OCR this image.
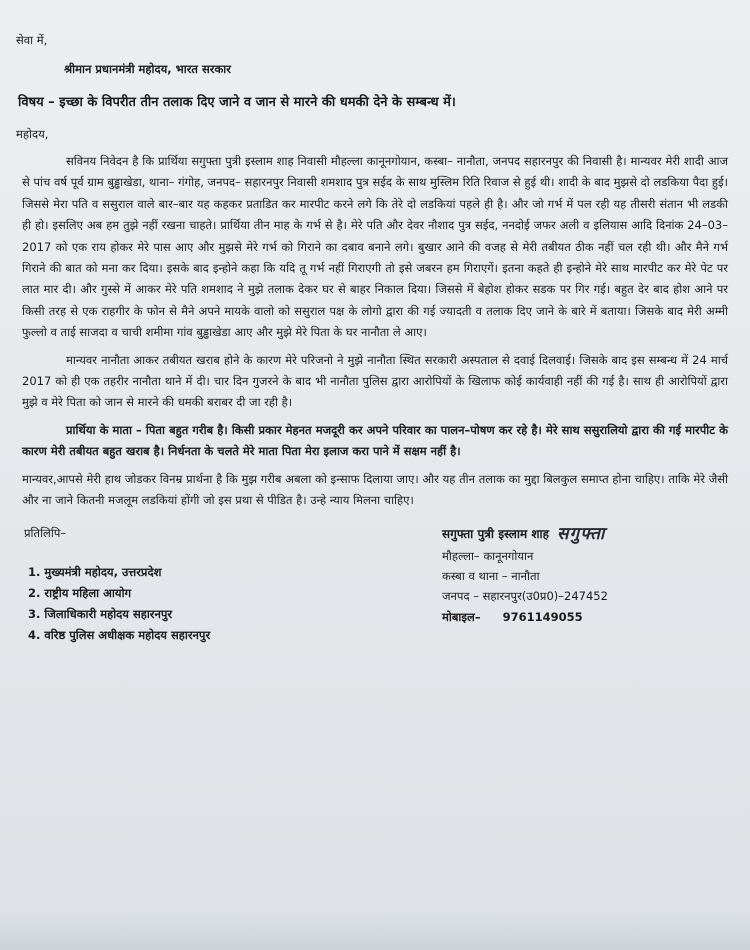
सेवा में,
श्रीमान प्रधानमंत्री महोदय, भारत सरकार
विषय – इच्छा के विपरीत तीन तलाक दिए जाने व जान से मारने की धमकी देने के सम्बन्ध में।
महोदय,

सविनय निवेदन है कि प्रार्थिया सगुफ्ता पुत्री इस्लाम शाह निवासी मौहल्ला कानूनगोयान, कस्बा– नानौता, जनपद सहारनपुर की निवासी है। मान्यवर मेरी शादी आज से पांच वर्ष पूर्व ग्राम बुड्ढाखेडा, थाना– गंगोह, जनपद– सहारनपुर निवासी शमशाद पुत्र सईद के साथ मुस्लिम रिति रिवाज से हुई थी। शादी के बाद मुझसे दो लडकिया पैदा हुई। जिससे मेरा पति व ससुराल वाले बार–बार यह कहकर प्रताडित कर मारपीट करने लगे कि तेरे दो लडकियां पहले ही है। और जो गर्भ में पल रही यह तीसरी संतान भी लडकी ही हो। इसलिए अब हम तुझे नहीं रखना चाहते। प्रार्थिया तीन माह के गर्भ से है। मेरे पति और देवर नौशाद पुत्र सईद, ननदोई जफर अली व इलियास आदि दिनांक 24–03–2017 को एक राय होकर मेरे पास आए और मुझसे मेरे गर्भ को गिराने का दबाव बनाने लगे। बुखार आने की वजह से मेरी तबीयत ठीक नहीं चल रही थी। और मैने गर्भ गिराने की बात को मना कर दिया। इसके बाद इन्होने कहा कि यदि तू गर्भ नहीं गिराएगी तो इसे जबरन हम गिराएगें। इतना कहते ही इन्होने मेरे साथ मारपीट कर मेरे पेट पर लात मार दी। और गुस्से में आकर मेरे पति शमशाद ने मुझे तलाक देकर घर से बाहर निकाल दिया। जिससे में बेहोश होकर सडक पर गिर गई। बहुत देर बाद होश आने पर किसी तरह से एक राहगीर के फोन से मैने अपने मायके वालो को ससुराल पक्ष के लोगो द्वारा की गई ज्यादती व तलाक दिए जाने के बारे में बताया। जिसके बाद मेरी अम्मी फुल्लो व ताई साजदा व चाची शमीमा गांव बुड्ढाखेडा आए और मुझे मेरे पिता के घर नानौता ले आए।

मान्यवर नानौता आकर तबीयत खराब होने के कारण मेरे परिजनो ने मुझे नानौता स्थित सरकारी अस्पताल से दवाई दिलवाई। जिसके बाद इस सम्बन्ध में 24 मार्च 2017 को ही एक तहरीर नानौता थाने में दी। चार दिन गुजरने के बाद भी नानौता पुलिस द्वारा आरोपियों के खिलाफ कोई कार्यवाही नहीं की गई है। साथ ही आरोपियों द्वारा मुझे व मेरे पिता को जान से मारने की धमकी बराबर दी जा रही है।

प्रार्थिया के माता – पिता बहुत गरीब है। किसी प्रकार मेहनत मजदूरी कर अपने परिवार का पालन–पोषण कर रहे है। मेरे साथ ससुरालियो द्वारा की गई मारपीट के कारण मेरी तबीयत बहुत खराब है। निर्धनता के चलते मेरे माता पिता मेरा इलाज करा पाने में सक्षम नहीं है।

मान्यवर,आपसे मेरी हाथ जोडकर विनम्र प्रार्थना है कि मुझ गरीब अबला को इन्साफ दिलाया जाए। और यह तीन तलाक का मुद्दा बिलकुल समाप्त होना चाहिए। ताकि मेरे जैसी और ना जाने कितनी मजलूम लडकियां होंगी जो इस प्रथा से पीडित है। उन्हे न्याय मिलना चाहिए।

प्रतिलिपि–
1. मुख्यमंत्री महोदय, उत्तरप्रदेश
2. राष्ट्रीय महिला आयोग
3. जिलाधिकारी महोदय सहारनपुर
4. वरिष्ठ पुलिस अधीक्षक महोदय सहारनपुर
सगुफ्ता पुत्री इस्लाम शाह सगुफ्ता
मौहल्ला– कानूनगोयान
कस्बा व थाना – नानौता
जनपद – सहारनपुर(उ0प्र0)–247452
मोबाइल– 9761149055
